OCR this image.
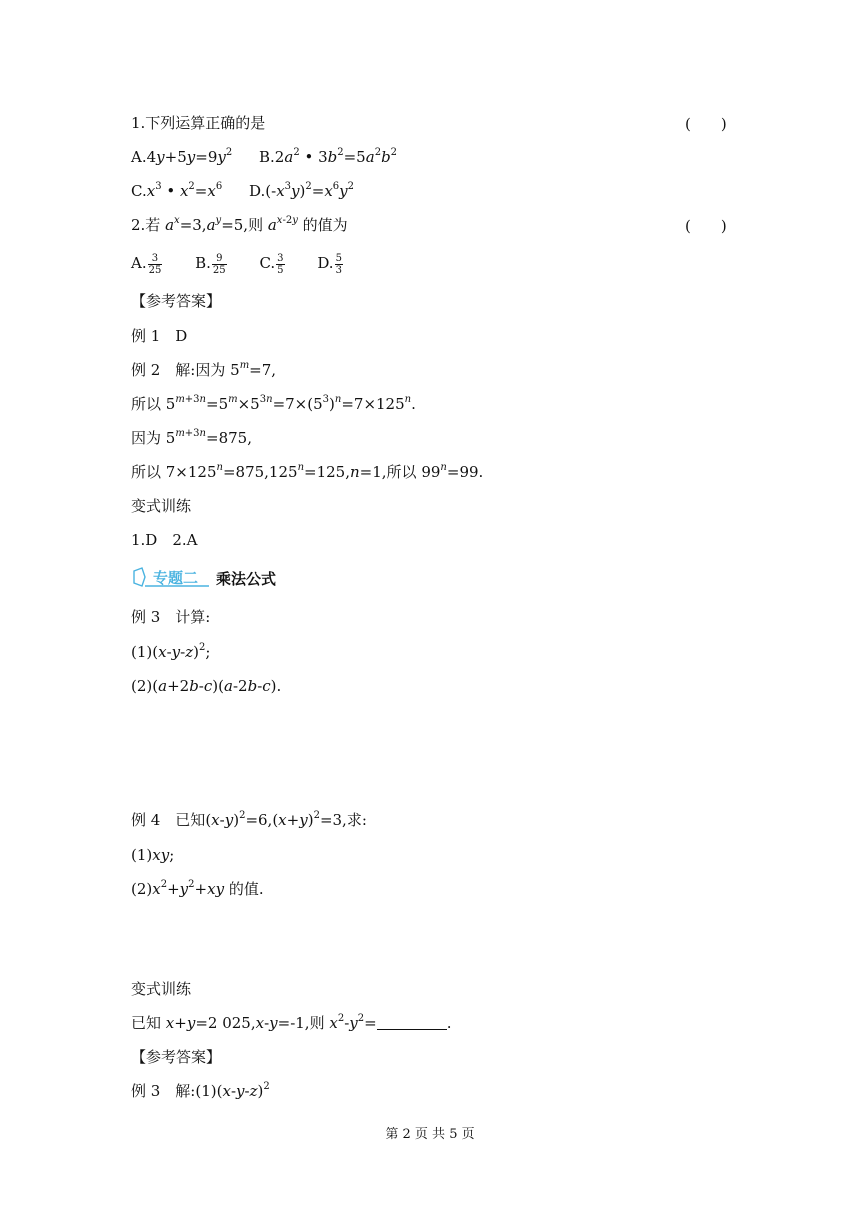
1.下列运算正确的是	(　　)
$A.4y+5y=9y^2$ $B.2a^2$ • $3b^2=5a^2b^2$
$C.x^3$ • $x^2=x^6$ $D.(-x^3y)^2=x^6y^2$
2.若 $a^x=3,a^y=5$,则 $a^{x-2y}$ 的值为	(　　)
A. $\frac{3}{25} B$. $\frac{9}{25} C$. $\frac{3}{5} D$. $\frac{5}{3}$
【参考答案】
例 1　D
例 2　解:因为 $5^m=7$,
所以 $5^{m+3n}=5^m\times 5^{3n}=7\times(5^3)^n=7\times 125^n$.
因为 $5^{m+3n}=875$,
所以 $7\times 125^n=875,125^n=125,n=1$,所以 $99^n=99$.
变式训练
1.D　2.A
专题二 乘法公式
例 3　计算:
$(1)(x-y-z)^2$;
(2)(a+2b-c)(a-2b-c).
例 4　已知$(x-y)^2=6,(x+y)^2=3$,求:
(1)xy;
$(2)x^2+y^2+xy$ 的值.
变式训练
已知 x+y=2 025,x-y=-1,则 $x^2-y^2=$	.
【参考答案】
例 3　解$:(1)(x-y-z)^2$
第 2 页 共 5 页
